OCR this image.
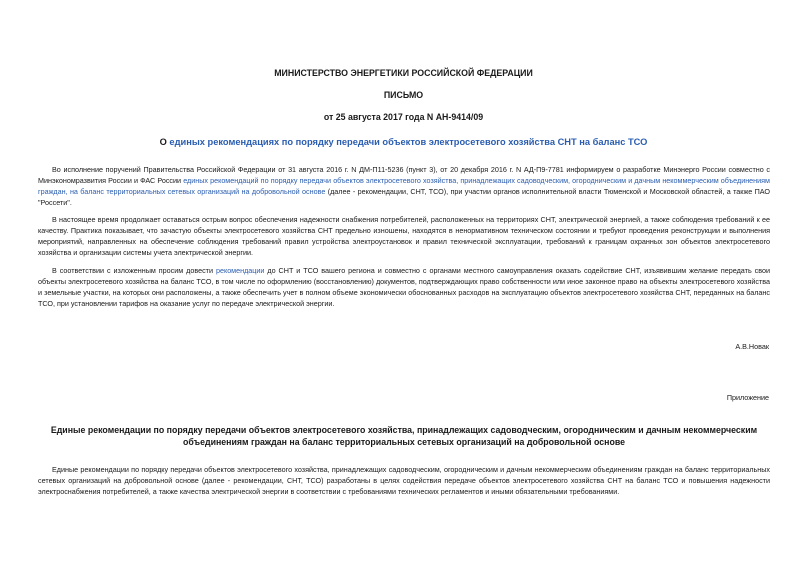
МИНИСТЕРСТВО ЭНЕРГЕТИКИ РОССИЙСКОЙ ФЕДЕРАЦИИ
ПИСЬМО
от 25 августа 2017 года N АН-9414/09
О единых рекомендациях по порядку передачи объектов электросетевого хозяйства СНТ на баланс ТСО
Во исполнение поручений Правительства Российской Федерации от 31 августа 2016 г. N ДМ-П11-5236 (пункт 3), от 20 декабря 2016 г. N АД-П9-7781 информируем о разработке Минэнерго России совместно с Минэкономразвития России и ФАС России единых рекомендаций по порядку передачи объектов электросетевого хозяйства, принадлежащих садоводческим, огородническим и дачным некоммерческим объединениям граждан, на баланс территориальных сетевых организаций на добровольной основе (далее - рекомендации, СНТ, ТСО), при участии органов исполнительной власти Тюменской и Московской областей, а также ПАО "Россети".
В настоящее время продолжает оставаться острым вопрос обеспечения надежности снабжения потребителей, расположенных на территориях СНТ, электрической энергией, а также соблюдения требований к ее качеству. Практика показывает, что зачастую объекты электросетевого хозяйства СНТ предельно изношены, находятся в ненормативном техническом состоянии и требуют проведения реконструкции и выполнения мероприятий, направленных на обеспечение соблюдения требований правил устройства электроустановок и правил технической эксплуатации, требований к границам охранных зон объектов электросетевого хозяйства и организации системы учета электрической энергии.
В соответствии с изложенным просим довести рекомендации до СНТ и ТСО вашего региона и совместно с органами местного самоуправления оказать содействие СНТ, изъявившим желание передать свои объекты электросетевого хозяйства на баланс ТСО, в том числе по оформлению (восстановлению) документов, подтверждающих право собственности или иное законное право на объекты электросетевого хозяйства и земельные участки, на которых они расположены, а также обеспечить учет в полном объеме экономически обоснованных расходов на эксплуатацию объектов электросетевого хозяйства СНТ, переданных на баланс ТСО, при установлении тарифов на оказание услуг по передаче электрической энергии.
А.В.Новак
Приложение
Единые рекомендации по порядку передачи объектов электросетевого хозяйства, принадлежащих садоводческим, огородническим и дачным некоммерческим объединениям граждан на баланс территориальных сетевых организаций на добровольной основе
Единые рекомендации по порядку передачи объектов электросетевого хозяйства, принадлежащих садоводческим, огородническим и дачным некоммерческим объединениям граждан на баланс территориальных сетевых организаций на добровольной основе (далее - рекомендации, СНТ, ТСО) разработаны в целях содействия передаче объектов электросетевого хозяйства СНТ на баланс ТСО и повышения надежности электроснабжения потребителей, а также качества электрической энергии в соответствии с требованиями технических регламентов и иными обязательными требованиями.
